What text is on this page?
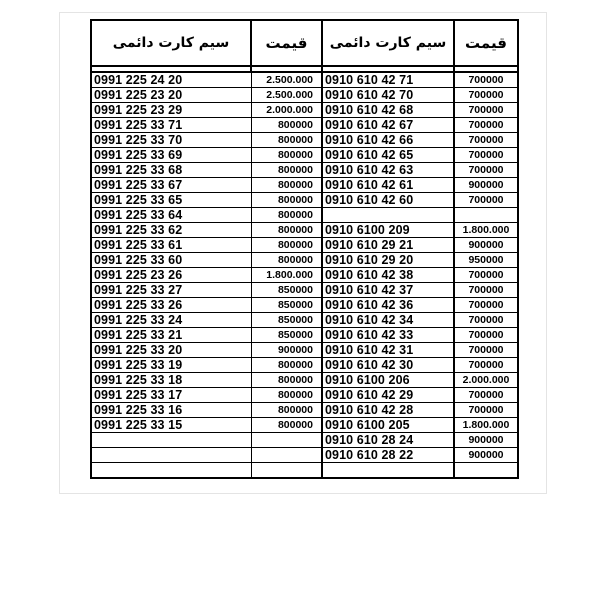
سیم کارت دائمی	قیمت	سیم کارت دائمی	قیمت

0991 225 24 20	2.500.000	0910 610 42 71	700000
0991 225 23 20	2.500.000	0910 610 42 70	700000
0991 225 23 29	2.000.000	0910 610 42 68	700000
0991 225 33 71	800000	0910 610 42 67	700000
0991 225 33 70	800000	0910 610 42 66	700000
0991 225 33 69	800000	0910 610 42 65	700000
0991 225 33 68	800000	0910 610 42 63	700000
0991 225 33 67	800000	0910 610 42 61	900000
0991 225 33 65	800000	0910 610 42 60	700000
0991 225 33 64	800000		
0991 225 33 62	800000	0910 6100 209	1.800.000
0991 225 33 61	800000	0910 610 29 21	900000
0991 225 33 60	800000	0910 610 29 20	950000
0991 225 23 26	1.800.000	0910 610 42 38	700000
0991 225 33 27	850000	0910 610 42 37	700000
0991 225 33 26	850000	0910 610 42 36	700000
0991 225 33 24	850000	0910 610 42 34	700000
0991 225 33 21	850000	0910 610 42 33	700000
0991 225 33 20	900000	0910 610 42 31	700000
0991 225 33 19	800000	0910 610 42 30	700000
0991 225 33 18	800000	0910 6100 206	2.000.000
0991 225 33 17	800000	0910 610 42 29	700000
0991 225 33 16	800000	0910 610 42 28	700000
0991 225 33 15	800000	0910 6100 205	1.800.000
		0910 610 28 24	900000
		0910 610 28 22	900000
